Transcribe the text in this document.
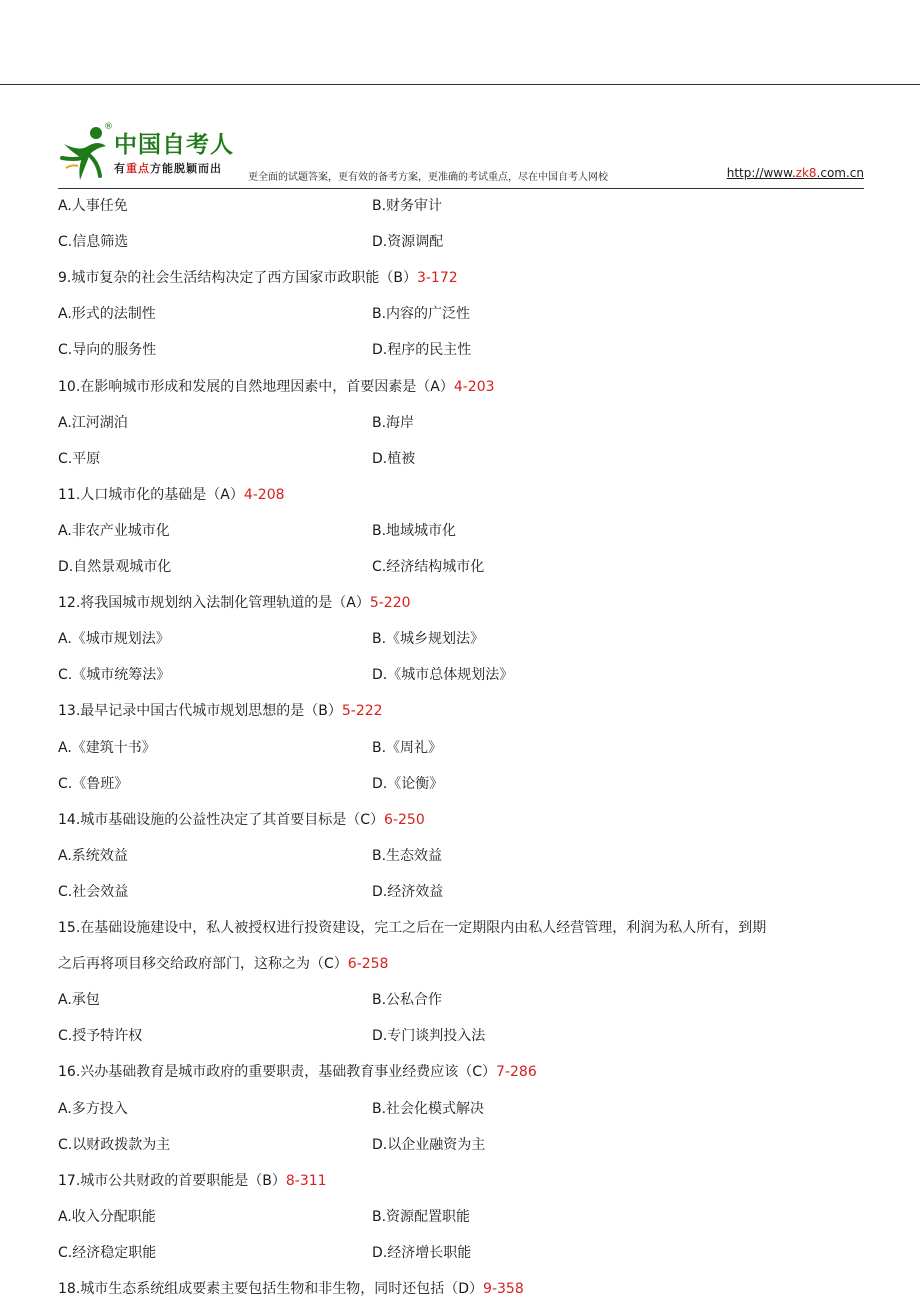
®
中国自考人
有重点方能脱颖而出
更全面的试题答案，更有效的备考方案，更准确的考试重点，尽在中国自考人网校	http://www.zk8.com.cn
A.人事任免	B.财务审计
C.信息筛选	D.资源调配
9.城市复杂的社会生活结构决定了西方国家市政职能（B）3-172
A.形式的法制性	B.内容的广泛性
C.导向的服务性	D.程序的民主性
10.在影响城市形成和发展的自然地理因素中，首要因素是（A）4-203
A.江河湖泊	B.海岸
C.平原	D.植被
11.人口城市化的基础是（A）4-208
A.非农产业城市化	B.地域城市化
D.自然景观城市化	C.经济结构城市化
12.将我国城市规划纳入法制化管理轨道的是（A）5-220
A.《城市规划法》	B.《城乡规划法》
C.《城市统筹法》	D.《城市总体规划法》
13.最早记录中国古代城市规划思想的是（B）5-222
A.《建筑十书》	B.《周礼》
C.《鲁班》	D.《论衡》
14.城市基础设施的公益性决定了其首要目标是（C）6-250
A.系统效益	B.生态效益
C.社会效益	D.经济效益
15.在基础设施建设中，私人被授权进行投资建设，完工之后在一定期限内由私人经营管理，利润为私人所有，到期
之后再将项目移交给政府部门，这称之为（C）6-258
A.承包	B.公私合作
C.授予特许权	D.专门谈判投入法
16.兴办基础教育是城市政府的重要职责，基础教育事业经费应该（C）7-286
A.多方投入	B.社会化模式解决
C.以财政拨款为主	D.以企业融资为主
17.城市公共财政的首要职能是（B）8-311
A.收入分配职能	B.资源配置职能
C.经济稳定职能	D.经济增长职能
18.城市生态系统组成要素主要包括生物和非生物，同时还包括（D）9-358
